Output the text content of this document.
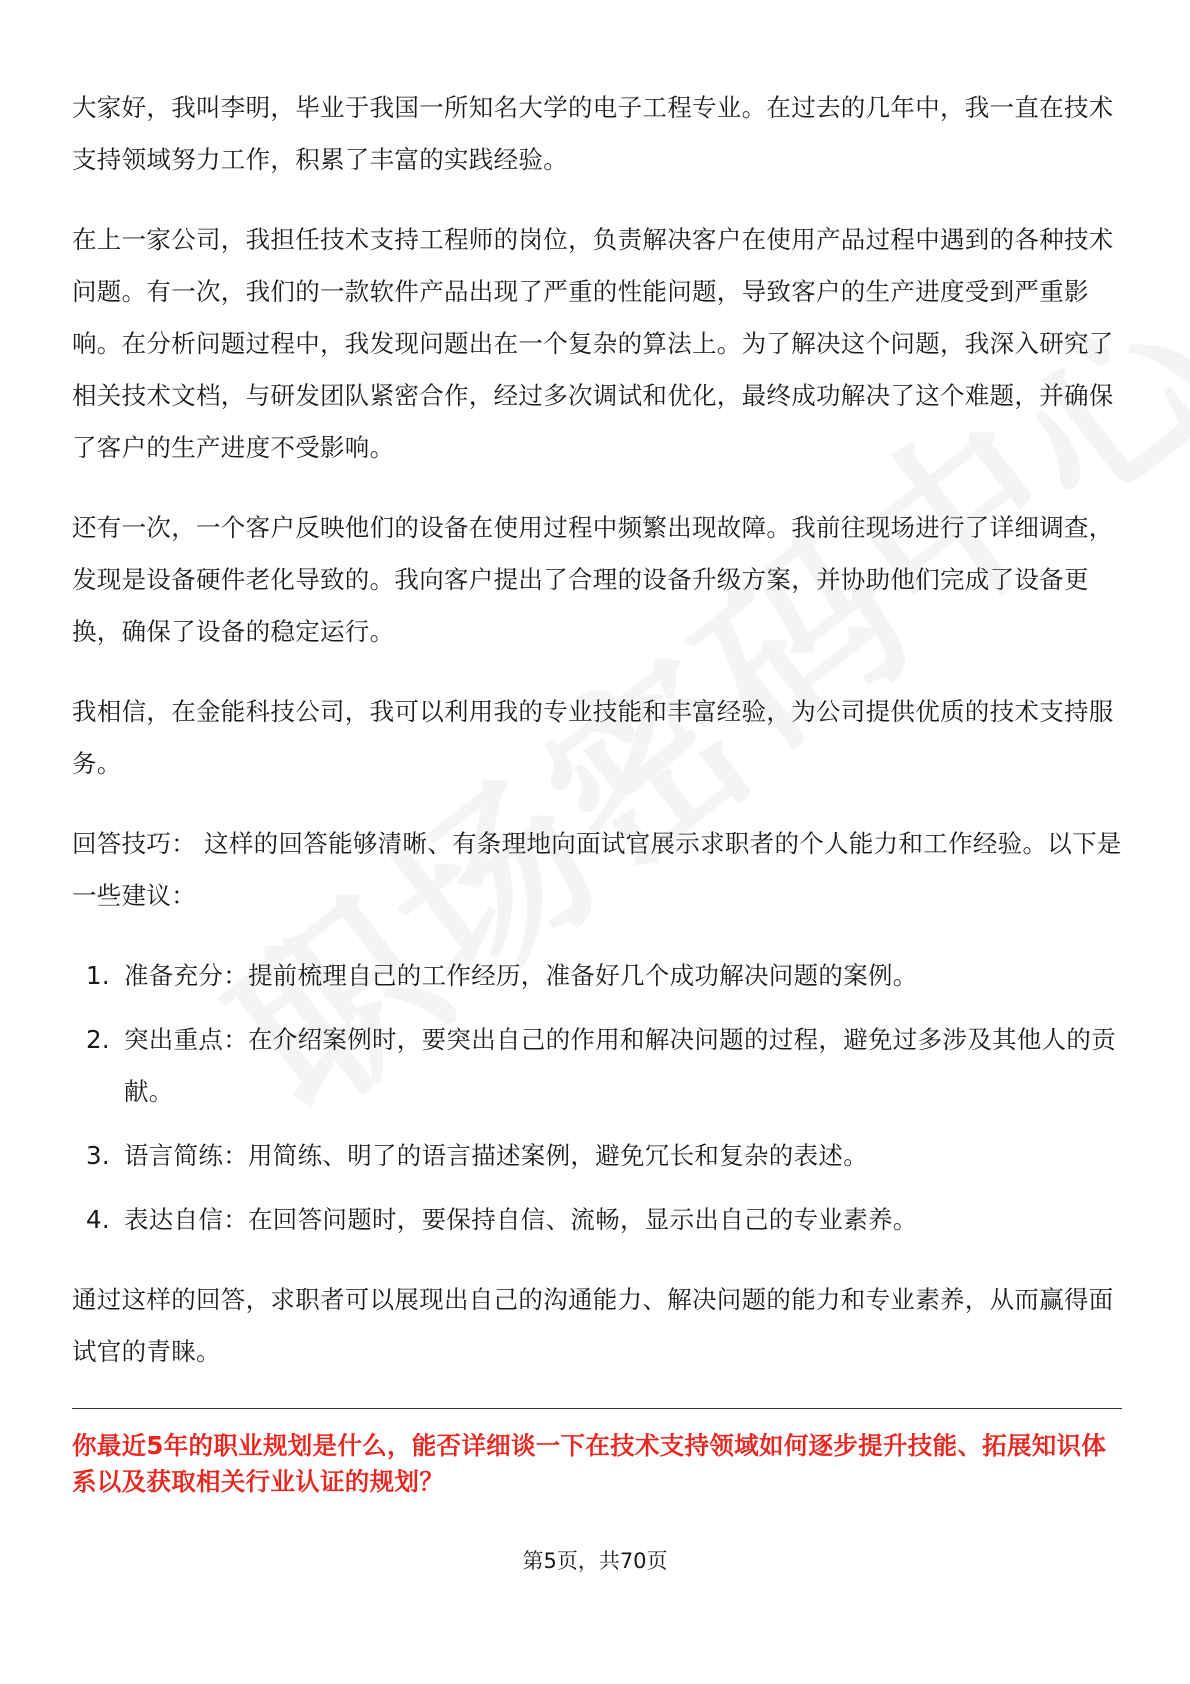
大家好，我叫李明，毕业于我国一所知名大学的电子工程专业。在过去的几年中，我一直在技术支持领域努力工作，积累了丰富的实践经验。

在上一家公司，我担任技术支持工程师的岗位，负责解决客户在使用产品过程中遇到的各种技术问题。有一次，我们的一款软件产品出现了严重的性能问题，导致客户的生产进度受到严重影响。在分析问题过程中，我发现问题出在一个复杂的算法上。为了解决这个问题，我深入研究了相关技术文档，与研发团队紧密合作，经过多次调试和优化，最终成功解决了这个难题，并确保了客户的生产进度不受影响。

还有一次，一个客户反映他们的设备在使用过程中频繁出现故障。我前往现场进行了详细调查，发现是设备硬件老化导致的。我向客户提出了合理的设备升级方案，并协助他们完成了设备更换，确保了设备的稳定运行。

我相信，在金能科技公司，我可以利用我的专业技能和丰富经验，为公司提供优质的技术支持服务。

回答技巧： 这样的回答能够清晰、有条理地向面试官展示求职者的个人能力和工作经验。以下是一些建议：

1. 准备充分：提前梳理自己的工作经历，准备好几个成功解决问题的案例。
2. 突出重点：在介绍案例时，要突出自己的作用和解决问题的过程，避免过多涉及其他人的贡献。
3. 语言简练：用简练、明了的语言描述案例，避免冗长和复杂的表述。
4. 表达自信：在回答问题时，要保持自信、流畅，显示出自己的专业素养。

通过这样的回答，求职者可以展现出自己的沟通能力、解决问题的能力和专业素养，从而赢得面试官的青睐。

你最近5年的职业规划是什么，能否详细谈一下在技术支持领域如何逐步提升技能、拓展知识体系以及获取相关行业认证的规划？
第5页，共70页
